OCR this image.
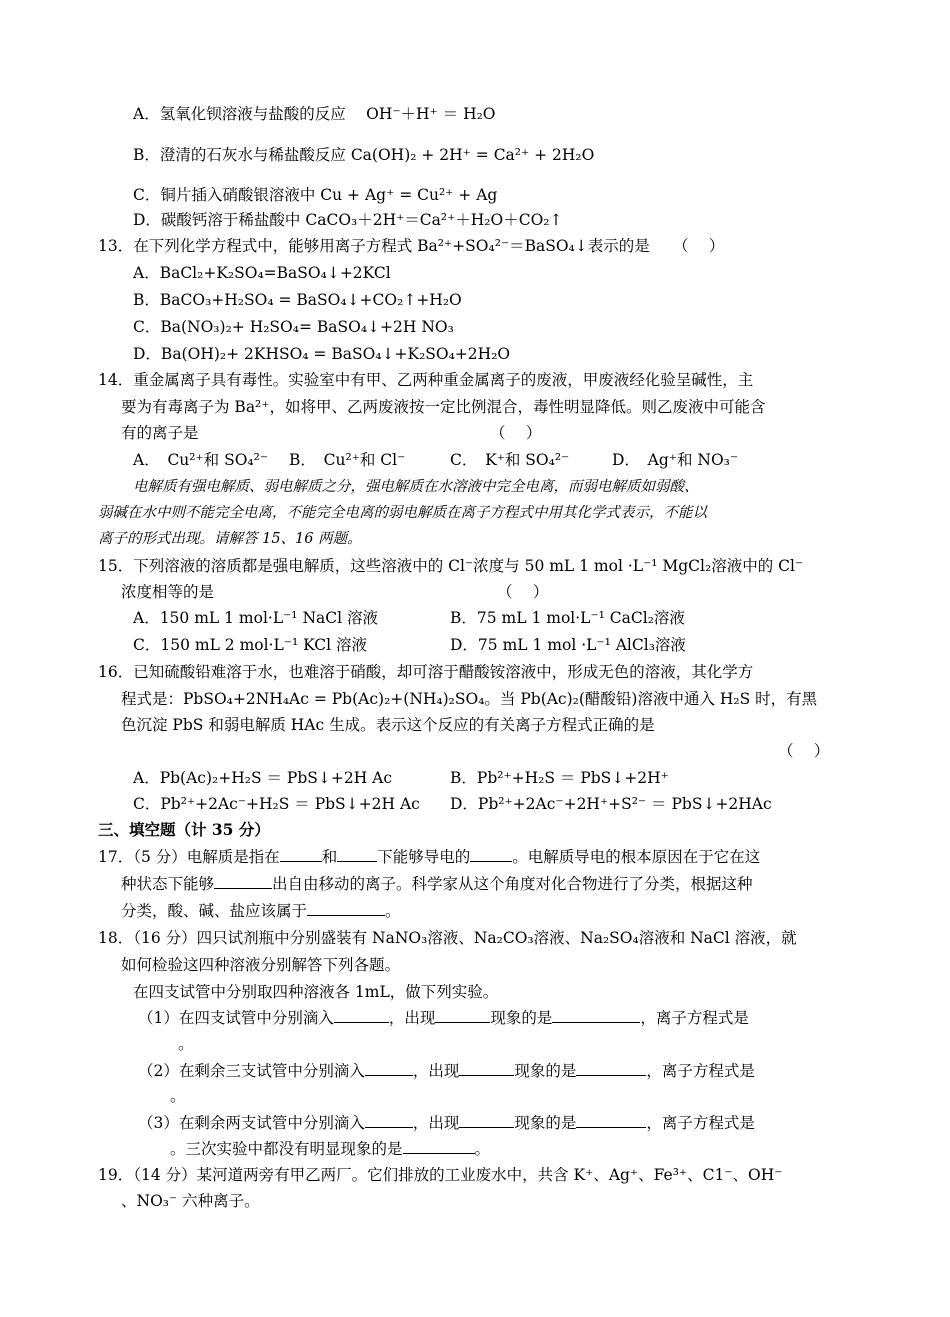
A．氢氧化钡溶液与盐酸的反应　 OH⁻＋H⁺ ＝ H₂O
B．澄清的石灰水与稀盐酸反应 Ca(OH)₂ + 2H⁺ = Ca²⁺ + 2H₂O
C．铜片插入硝酸银溶液中 Cu + Ag⁺ = Cu²⁺ + Ag
D．碳酸钙溶于稀盐酸中 CaCO₃＋2H⁺＝Ca²⁺＋H₂O＋CO₂↑
13．在下列化学方程式中，能够用离子方程式 Ba²⁺+SO₄²⁻＝BaSO₄↓表示的是　　（　 ）
A．BaCl₂+K₂SO₄=BaSO₄↓+2KCl
B．BaCO₃+H₂SO₄ = BaSO₄↓+CO₂↑+H₂O
C．Ba(NO₃)₂+ H₂SO₄= BaSO₄↓+2H NO₃
D．Ba(OH)₂+ 2KHSO₄ = BaSO₄↓+K₂SO₄+2H₂O
14．重金属离子具有毒性。实验室中有甲、乙两种重金属离子的废液，甲废液经化验呈碱性，主
要为有毒离子为 Ba²⁺，如将甲、乙两废液按一定比例混合，毒性明显降低。则乙废液中可能含
有的离子是	（　 ）
A．　Cu²⁺和 SO₄²⁻ B．　Cu²⁺和 Cl⁻	C．　K⁺和 SO₄²⁻	D．　Ag⁺和 NO₃⁻
电解质有强电解质、弱电解质之分，强电解质在水溶液中完全电离，而弱电解质如弱酸、
弱碱在水中则不能完全电离，不能完全电离的弱电解质在离子方程式中用其化学式表示，不能以
离子的形式出现。请解答 15、16 两题。
15．下列溶液的溶质都是强电解质，这些溶液中的 Cl⁻浓度与 50 mL 1 mol ·L⁻¹ MgCl₂溶液中的 Cl⁻
浓度相等的是	（　 ）
A．150 mL 1 mol·L⁻¹ NaCl 溶液	B．75 mL 1 mol·L⁻¹ CaCl₂溶液
C．150 mL 2 mol·L⁻¹ KCl 溶液	D．75 mL 1 mol ·L⁻¹ AlCl₃溶液
16．已知硫酸铅难溶于水，也难溶于硝酸，却可溶于醋酸铵溶液中，形成无色的溶液，其化学方
程式是：PbSO₄+2NH₄Ac = Pb(Ac)₂+(NH₄)₂SO₄。当 Pb(Ac)₂(醋酸铅)溶液中通入 H₂S 时，有黑
色沉淀 PbS 和弱电解质 HAc 生成。表示这个反应的有关离子方程式正确的是
（　 ）
A．Pb(Ac)₂+H₂S ＝ PbS↓+2H Ac	B．Pb²⁺+H₂S ＝ PbS↓+2H⁺
C．Pb²⁺+2Ac⁻+H₂S ＝ PbS↓+2H Ac D．Pb²⁺+2Ac⁻+2H⁺+S²⁻ ＝ PbS↓+2HAc
三、填空题（计 35 分）
17．（5 分）电解质是指在	和	下能够导电的	。电解质导电的根本原因在于它在这
种状态下能够	出自由移动的离子。科学家从这个角度对化合物进行了分类，根据这种
分类，酸、碱、盐应该属于	。
18．（16 分）四只试剂瓶中分别盛装有 NaNO₃溶液、Na₂CO₃溶液、Na₂SO₄溶液和 NaCl 溶液，就
如何检验这四种溶液分别解答下列各题。
在四支试管中分别取四种溶液各 1mL，做下列实验。
（1）在四支试管中分别滴入	，出现	现象的是	，离子方程式是
。
（2）在剩余三支试管中分别滴入	，出现	现象的是	，离子方程式是
。
（3）在剩余两支试管中分别滴入	，出现	现象的是	，离子方程式是
。三次实验中都没有明显现象的是	。
19．（14 分）某河道两旁有甲乙两厂。它们排放的工业废水中，共含 K⁺、Ag⁺、Fe³⁺、C1⁻、OH⁻
、NO₃⁻ 六种离子。
